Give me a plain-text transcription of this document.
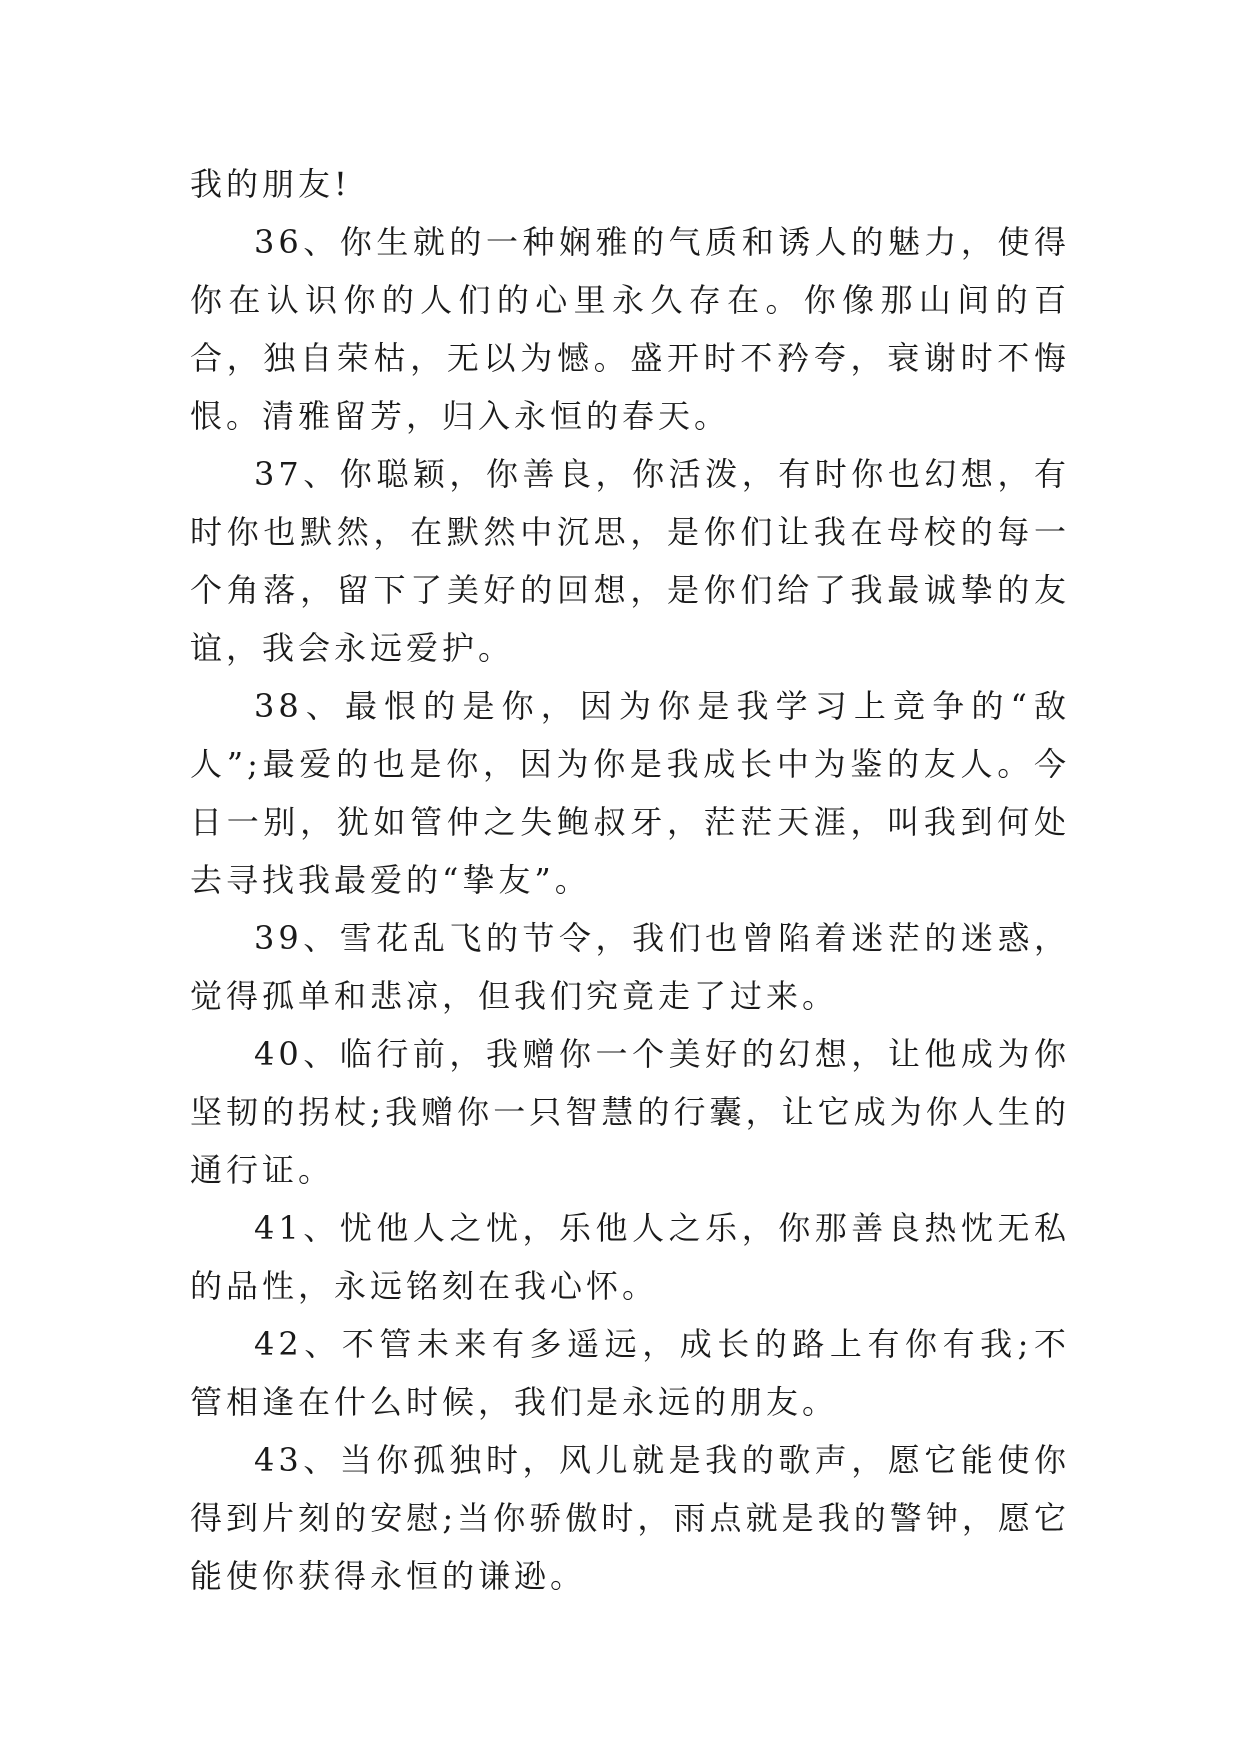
我的朋友!

36、你生就的一种娴雅的气质和诱人的魅力，使得你在认识你的人们的心里永久存在。你像那山间的百合，独自荣枯，无以为憾。盛开时不矜夸，衰谢时不悔恨。清雅留芳，归入永恒的春天。

37、你聪颖，你善良，你活泼，有时你也幻想，有时你也默然，在默然中沉思，是你们让我在母校的每一个角落，留下了美好的回想，是你们给了我最诚挚的友谊，我会永远爱护。

38、最恨的是你，因为你是我学习上竞争的“敌人”;最爱的也是你，因为你是我成长中为鉴的友人。今日一别，犹如管仲之失鲍叔牙，茫茫天涯，叫我到何处去寻找我最爱的“挚友”。

39、雪花乱飞的节令，我们也曾陷着迷茫的迷惑，觉得孤单和悲凉，但我们究竟走了过来。

40、临行前，我赠你一个美好的幻想，让他成为你坚韧的拐杖;我赠你一只智慧的行囊，让它成为你人生的通行证。

41、忧他人之忧，乐他人之乐，你那善良热忱无私的品性，永远铭刻在我心怀。

42、不管未来有多遥远，成长的路上有你有我;不管相逢在什么时候，我们是永远的朋友。

43、当你孤独时，风儿就是我的歌声，愿它能使你得到片刻的安慰;当你骄傲时，雨点就是我的警钟，愿它能使你获得永恒的谦逊。
